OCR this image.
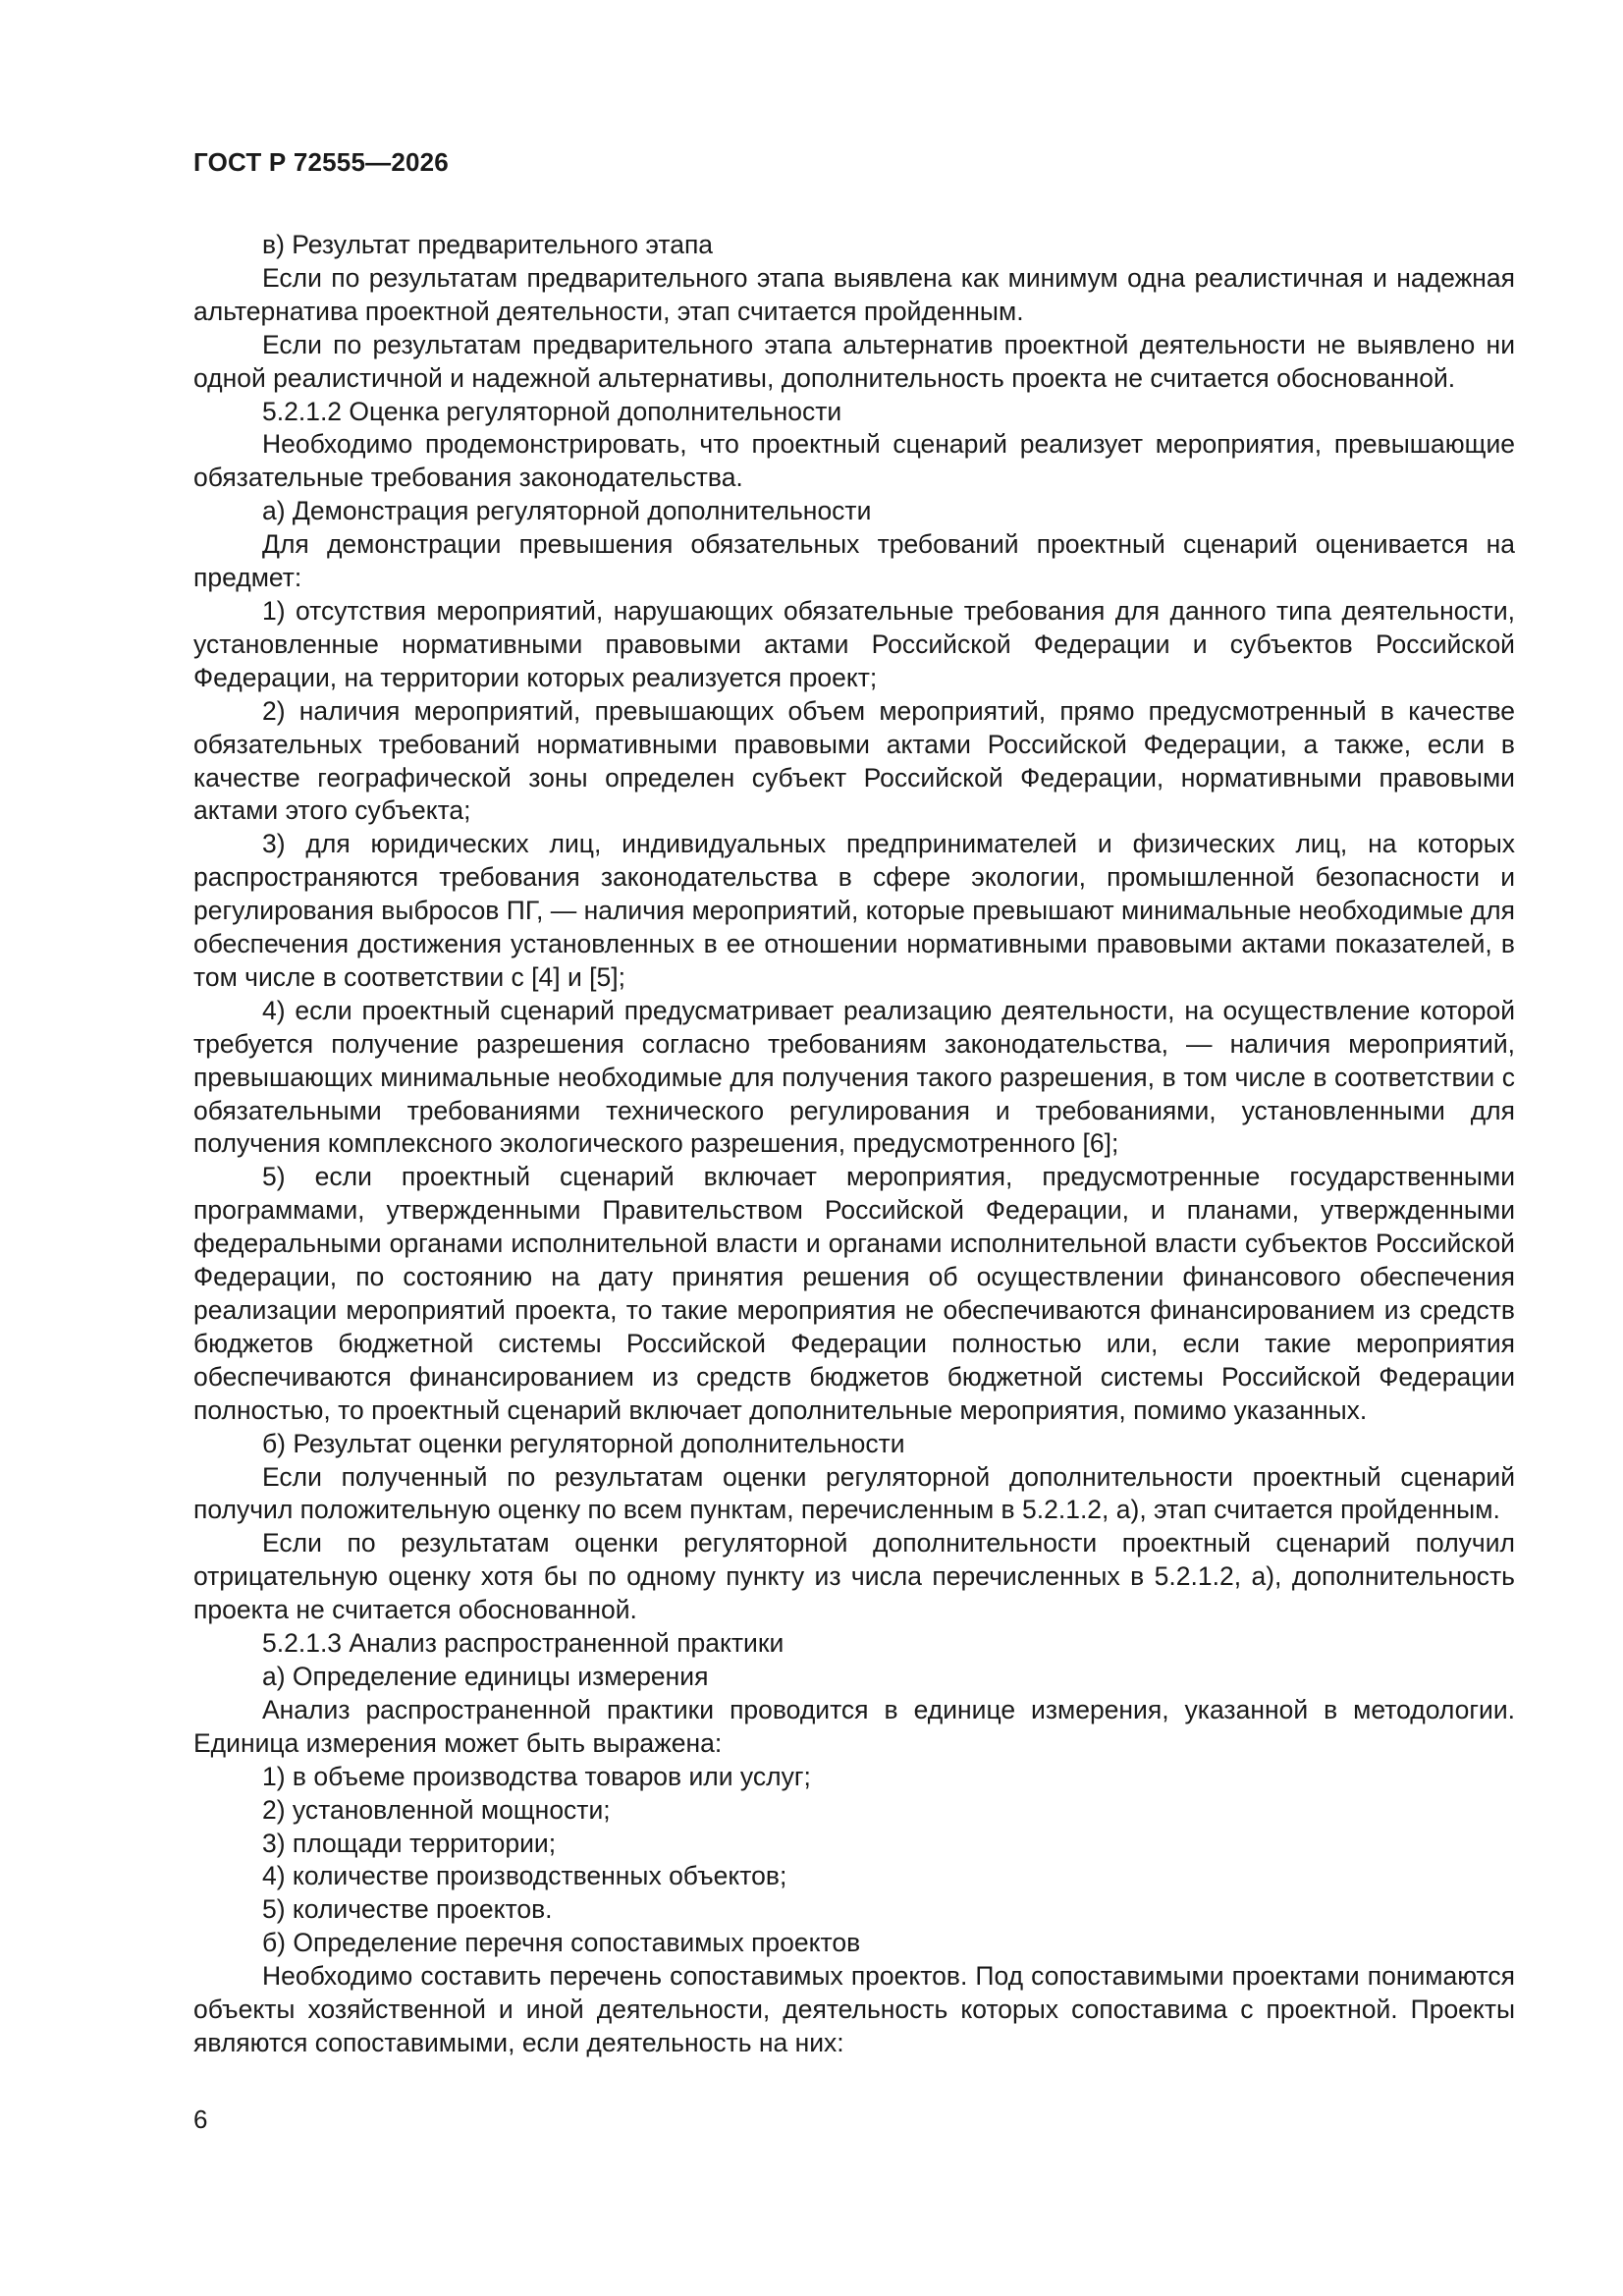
ГОСТ Р 72555—2026

в) Результат предварительного этапа

Если по результатам предварительного этапа выявлена как минимум одна реалистичная и надежная альтернатива проектной деятельности, этап считается пройденным.

Если по результатам предварительного этапа альтернатив проектной деятельности не выявлено ни одной реалистичной и надежной альтернативы, дополнительность проекта не считается обоснованной.

5.2.1.2 Оценка регуляторной дополнительности

Необходимо продемонстрировать, что проектный сценарий реализует мероприятия, превышающие обязательные требования законодательства.

а) Демонстрация регуляторной дополнительности

Для демонстрации превышения обязательных требований проектный сценарий оценивается на предмет:

1) отсутствия мероприятий, нарушающих обязательные требования для данного типа деятельности, установленные нормативными правовыми актами Российской Федерации и субъектов Российской Федерации, на территории которых реализуется проект;

2) наличия мероприятий, превышающих объем мероприятий, прямо предусмотренный в качестве обязательных требований нормативными правовыми актами Российской Федерации, а также, если в качестве географической зоны определен субъект Российской Федерации, нормативными правовыми актами этого субъекта;

3) для юридических лиц, индивидуальных предпринимателей и физических лиц, на которых распространяются требования законодательства в сфере экологии, промышленной безопасности и регулирования выбросов ПГ, — наличия мероприятий, которые превышают минимальные необходимые для обеспечения достижения установленных в ее отношении нормативными правовыми актами показателей, в том числе в соответствии с [4] и [5];

4) если проектный сценарий предусматривает реализацию деятельности, на осуществление которой требуется получение разрешения согласно требованиям законодательства, — наличия мероприятий, превышающих минимальные необходимые для получения такого разрешения, в том числе в соответствии с обязательными требованиями технического регулирования и требованиями, установленными для получения комплексного экологического разрешения, предусмотренного [6];

5) если проектный сценарий включает мероприятия, предусмотренные государственными программами, утвержденными Правительством Российской Федерации, и планами, утвержденными федеральными органами исполнительной власти и органами исполнительной власти субъектов Российской Федерации, по состоянию на дату принятия решения об осуществлении финансового обеспечения реализации мероприятий проекта, то такие мероприятия не обеспечиваются финансированием из средств бюджетов бюджетной системы Российской Федерации полностью или, если такие мероприятия обеспечиваются финансированием из средств бюджетов бюджетной системы Российской Федерации полностью, то проектный сценарий включает дополнительные мероприятия, помимо указанных.

б) Результат оценки регуляторной дополнительности

Если полученный по результатам оценки регуляторной дополнительности проектный сценарий получил положительную оценку по всем пунктам, перечисленным в 5.2.1.2, а), этап считается пройденным.

Если по результатам оценки регуляторной дополнительности проектный сценарий получил отрицательную оценку хотя бы по одному пункту из числа перечисленных в 5.2.1.2, а), дополнительность проекта не считается обоснованной.

5.2.1.3 Анализ распространенной практики

а) Определение единицы измерения

Анализ распространенной практики проводится в единице измерения, указанной в методологии. Единица измерения может быть выражена:

1) в объеме производства товаров или услуг;

2) установленной мощности;

3) площади территории;

4) количестве производственных объектов;

5) количестве проектов.

б) Определение перечня сопоставимых проектов

Необходимо составить перечень сопоставимых проектов. Под сопоставимыми проектами понимаются объекты хозяйственной и иной деятельности, деятельность которых сопоставима с проектной. Проекты являются сопоставимыми, если деятельность на них:

6
